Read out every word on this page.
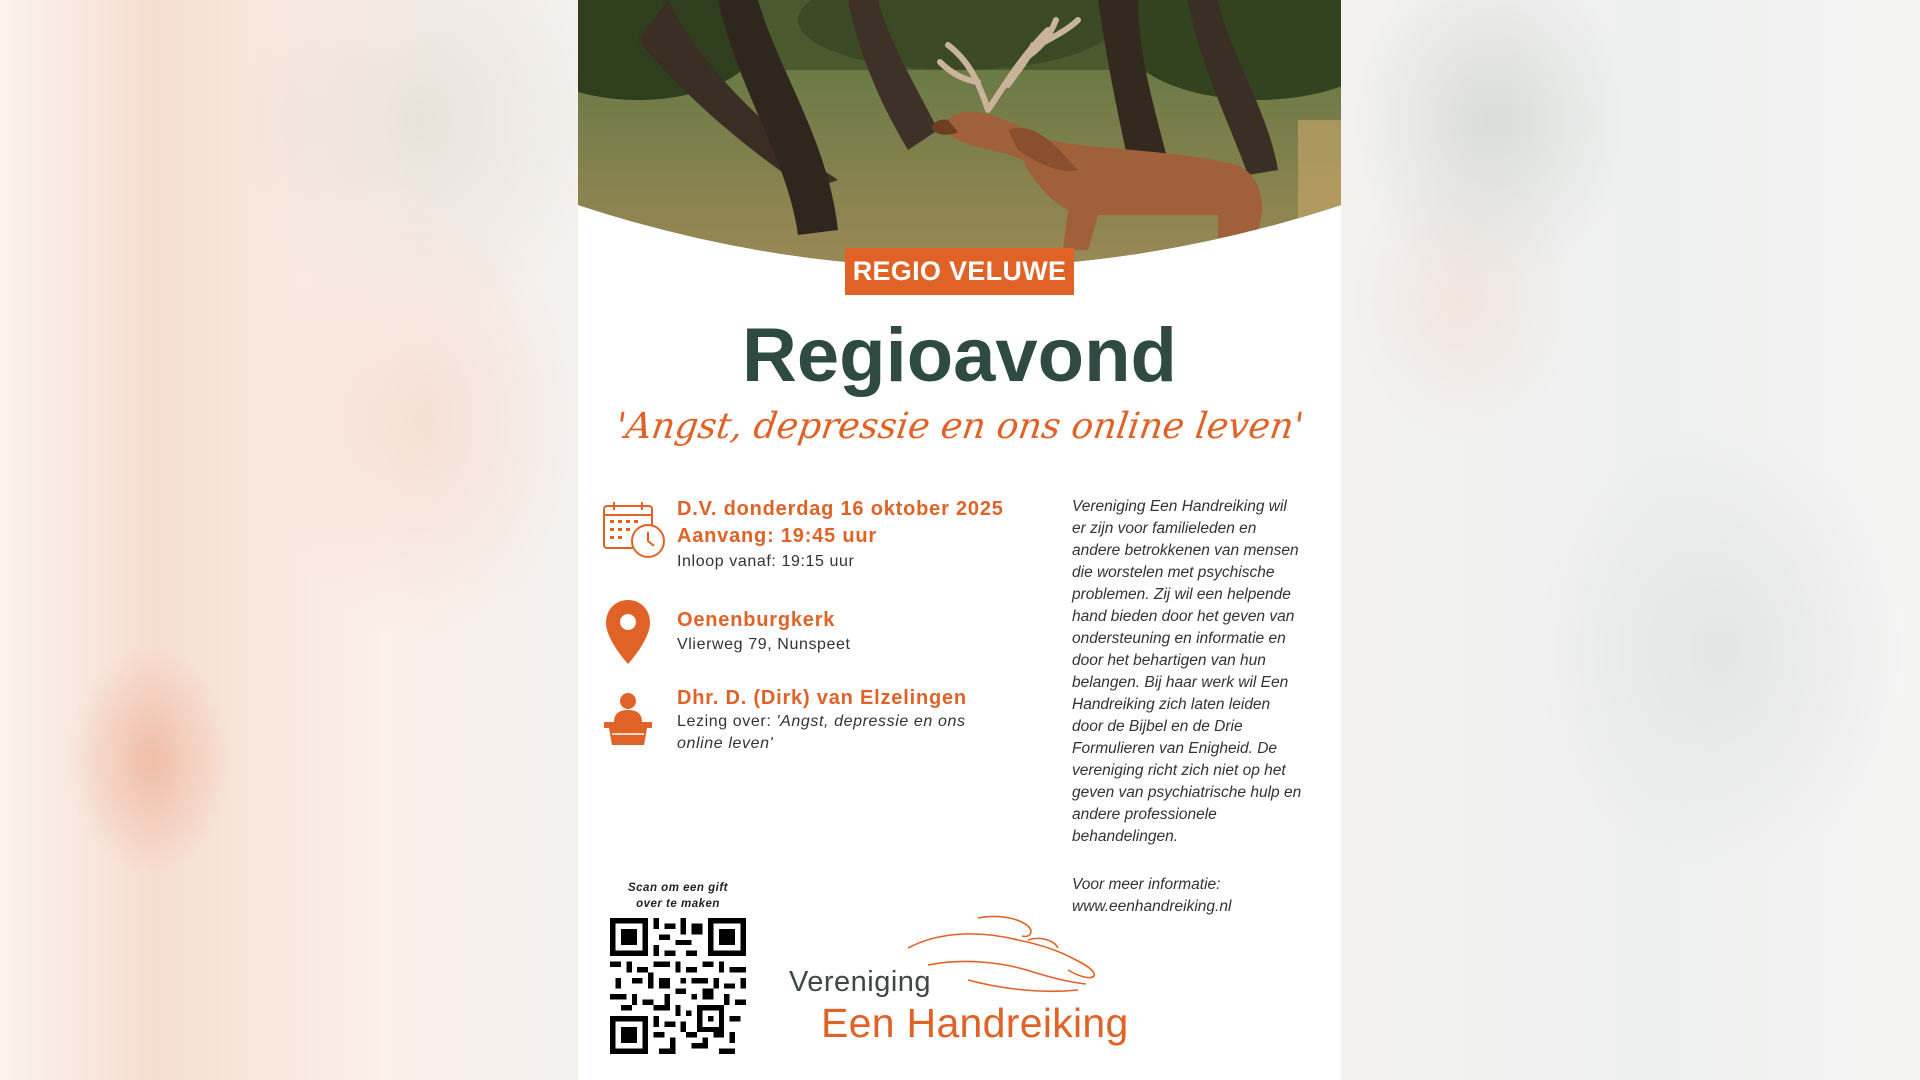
REGIO VELUWE
Regioavond
'Angst, depressie en ons online leven'
D.V. donderdag 16 oktober 2025
Aanvang: 19:45 uur
Inloop vanaf: 19:15 uur
Oenenburgkerk
Vlierweg 79, Nunspeet
Dhr. D. (Dirk) van Elzelingen
Lezing over: 'Angst, depressie en ons
online leven'
Vereniging Een Handreiking wil
er zijn voor familieleden en
andere betrokkenen van mensen
die worstelen met psychische
problemen. Zij wil een helpende
hand bieden door het geven van
ondersteuning en informatie en
door het behartigen van hun
belangen. Bij haar werk wil Een
Handreiking zich laten leiden
door de Bijbel en de Drie
Formulieren van Enigheid. De
vereniging richt zich niet op het
geven van psychiatrische hulp en
andere professionele
behandelingen.
Voor meer informatie:
www.eenhandreiking.nl
Scan om een gift
over te maken
Vereniging
Een Handreiking
